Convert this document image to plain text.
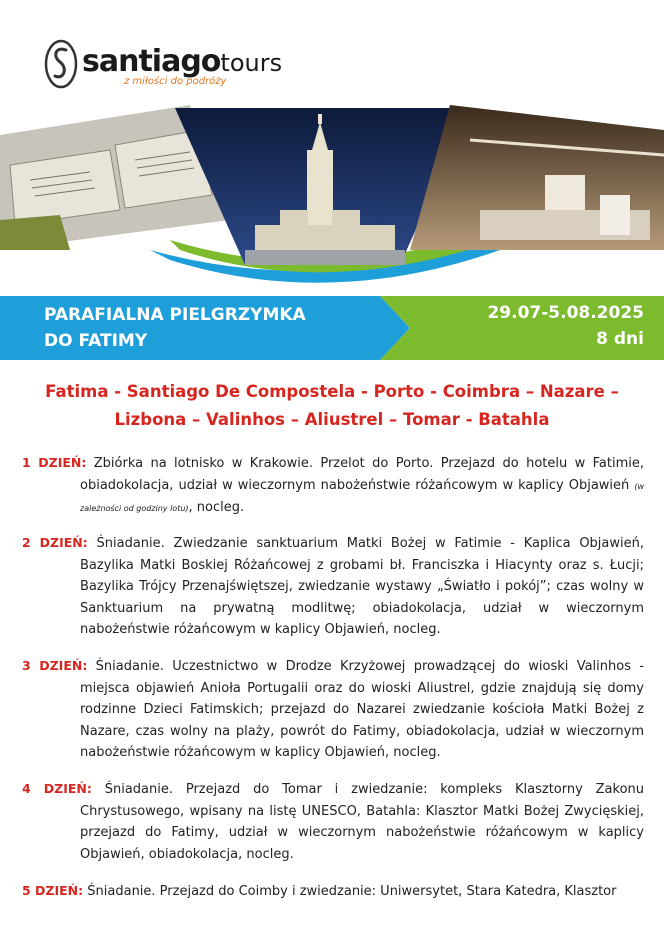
santiagotours
z miłości do podróży
PARAFIALNA PIELGRZYMKA
DO FATIMY
29.07-5.08.2025
8 dni
Fatima - Santiago De Compostela - Porto - Coimbra – Nazare –
Lizbona – Valinhos – Aliustrel – Tomar - Batahla
1 DZIEŃ: Zbiórka na lotnisko w Krakowie. Przelot do Porto. Przejazd do hotelu w Fatimie, obiadokolacja, udział w wieczornym nabożeństwie różańcowym w kaplicy Objawień (w zależności od godziny lotu), nocleg.
2 DZIEŃ: Śniadanie. Zwiedzanie sanktuarium Matki Bożej w Fatimie - Kaplica Objawień, Bazylika Matki Boskiej Różańcowej z grobami bł. Franciszka i Hiacynty oraz s. Łucji; Bazylika Trójcy Przenajświętszej, zwiedzanie wystawy „Światło i pokój”; czas wolny w Sanktuarium na prywatną modlitwę; obiadokolacja, udział w wieczornym nabożeństwie różańcowym w kaplicy Objawień, nocleg.
3 DZIEŃ: Śniadanie. Uczestnictwo w Drodze Krzyżowej prowadzącej do wioski Valinhos - miejsca objawień Anioła Portugalii oraz do wioski Aliustrel, gdzie znajdują się domy rodzinne Dzieci Fatimskich; przejazd do Nazarei zwiedzanie kościoła Matki Bożej z Nazare, czas wolny na plaży, powrót do Fatimy, obiadokolacja, udział w wieczornym nabożeństwie różańcowym w kaplicy Objawień, nocleg.
4 DZIEŃ: Śniadanie. Przejazd do Tomar i zwiedzanie: kompleks Klasztorny Zakonu Chrystusowego, wpisany na listę UNESCO, Batahla: Klasztor Matki Bożej Zwycięskiej, przejazd do Fatimy, udział w wieczornym nabożeństwie różańcowym w kaplicy Objawień, obiadokolacja, nocleg.
5 DZIEŃ: Śniadanie. Przejazd do Coimby i zwiedzanie: Uniwersytet, Stara Katedra, Klasztor
